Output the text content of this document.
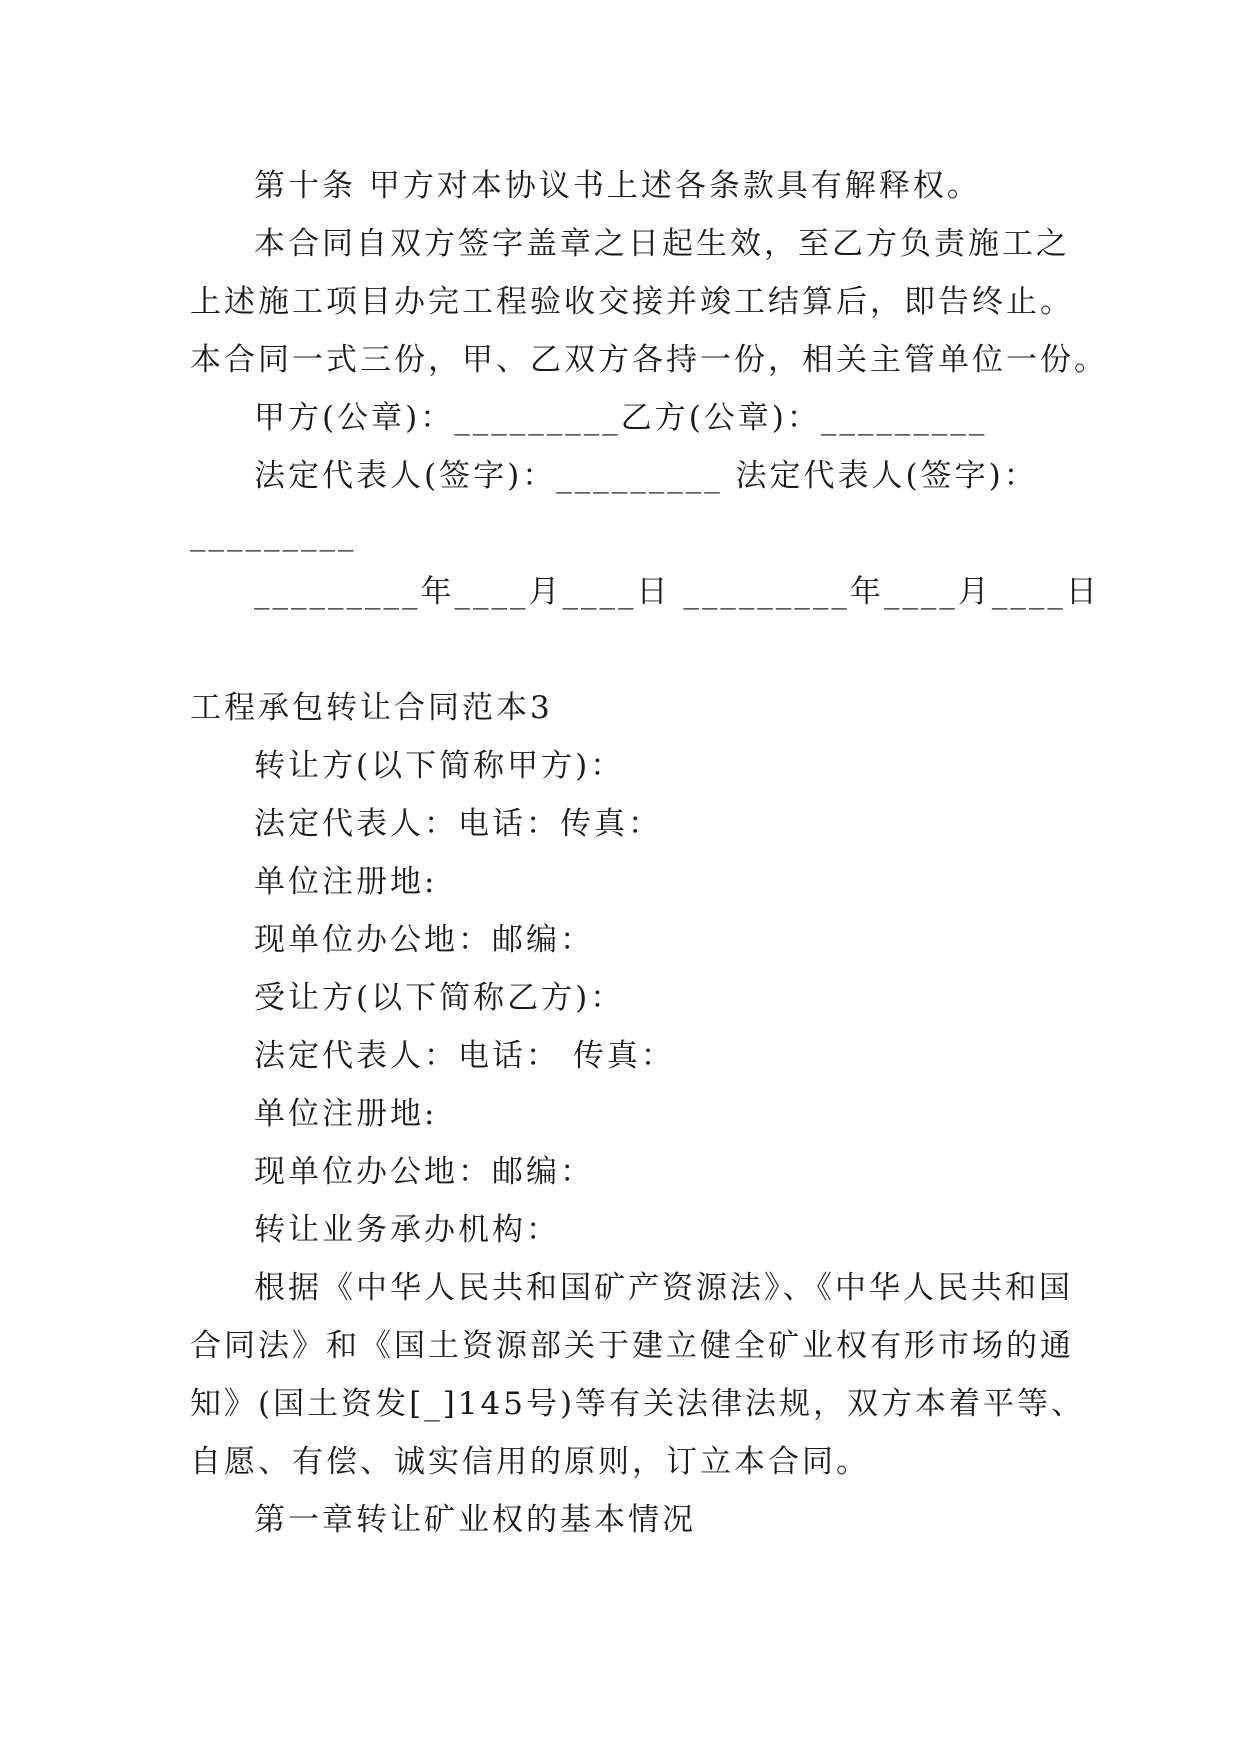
第十条 甲方对本协议书上述各条款具有解释权。
本合同自双方签字盖章之日起生效，至乙方负责施工之
上述施工项目办完工程验收交接并竣工结算后，即告终止。
本合同一式三份，甲、乙双方各持一份，相关主管单位一份。
甲方(公章)：_________乙方(公章)：_________
法定代表人(签字)：_________ 法定代表人(签字)：
_________
_________年____月____日 _________年____月____日
工程承包转让合同范本3
转让方(以下简称甲方)：
法定代表人：电话：传真：
单位注册地:
现单位办公地：邮编：
受让方(以下简称乙方)：
法定代表人：电话： 传真：
单位注册地:
现单位办公地：邮编：
转让业务承办机构：
根据《中华人民共和国矿产资源法》、《中华人民共和国
合同法》和《国土资源部关于建立健全矿业权有形市场的通
知》(国土资发[_]145号)等有关法律法规，双方本着平等、
自愿、有偿、诚实信用的原则，订立本合同。
第一章转让矿业权的基本情况
